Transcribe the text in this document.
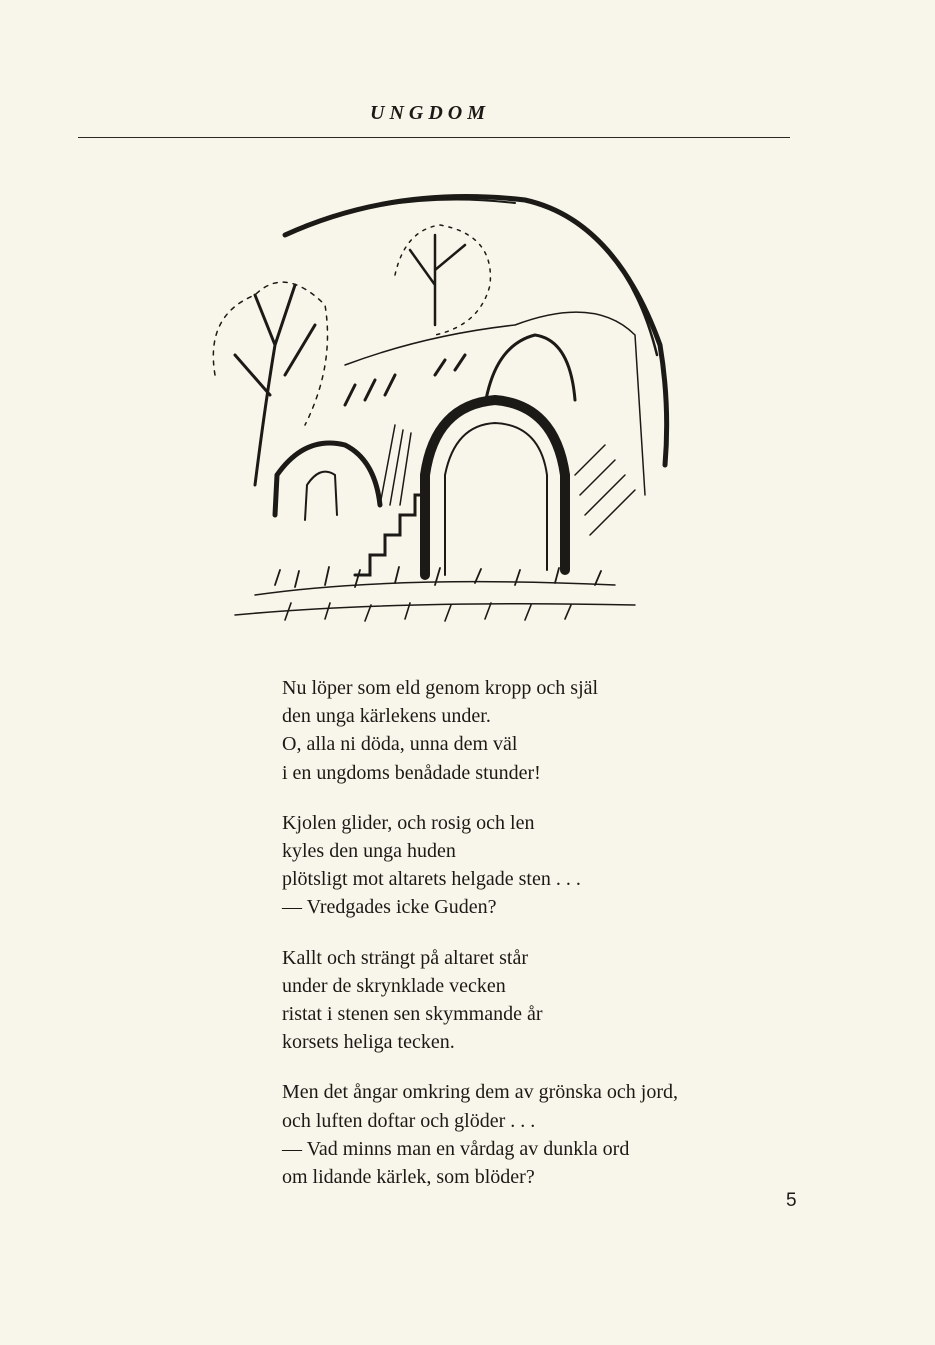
UNGDOM
Nu löper som eld genom kropp och själ
den unga kärlekens under.
O, alla ni döda, unna dem väl
i en ungdoms benådade stunder!
Kjolen glider, och rosig och len
kyles den unga huden
plötsligt mot altarets helgade sten . . .
— Vredgades icke Guden?
Kallt och strängt på altaret står
under de skrynklade vecken
ristat i stenen sen skymmande år
korsets heliga tecken.
Men det ångar omkring dem av grönska och jord,
och luften doftar och glöder . . .
— Vad minns man en vårdag av dunkla ord
om lidande kärlek, som blöder?
5
